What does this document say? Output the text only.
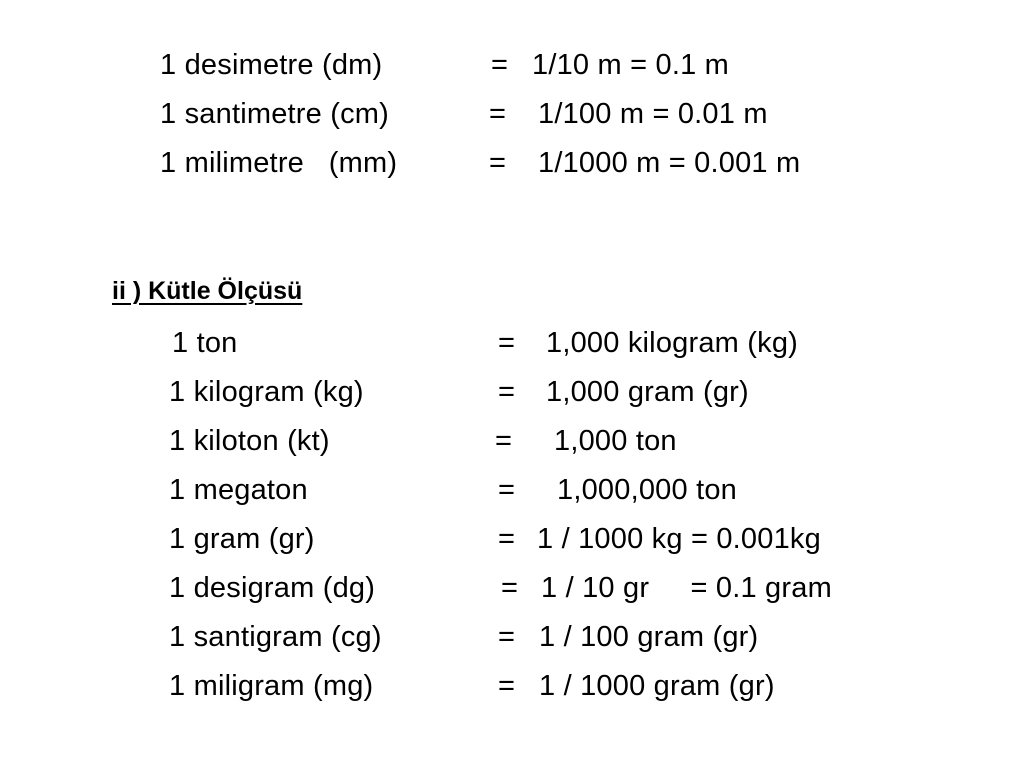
1 desimetre (dm)	= 1/10 m = 0.1 m
1 santimetre (cm)	= 1/100 m = 0.01 m
1 milimetre   (mm)	= 1/1000 m = 0.001 m
ii ) Kütle Ölçüsü
1 ton	= 1,000 kilogram (kg)
1 kilogram (kg)	= 1,000 gram (gr)
1 kiloton (kt)	= 1,000 ton
1 megaton	= 1,000,000 ton
1 gram (gr)	= 1 / 1000 kg = 0.001kg
1 desigram (dg)	= 1 / 10 gr     = 0.1 gram
1 santigram (cg)	= 1 / 100 gram (gr)
1 miligram (mg)	= 1 / 1000 gram (gr)
